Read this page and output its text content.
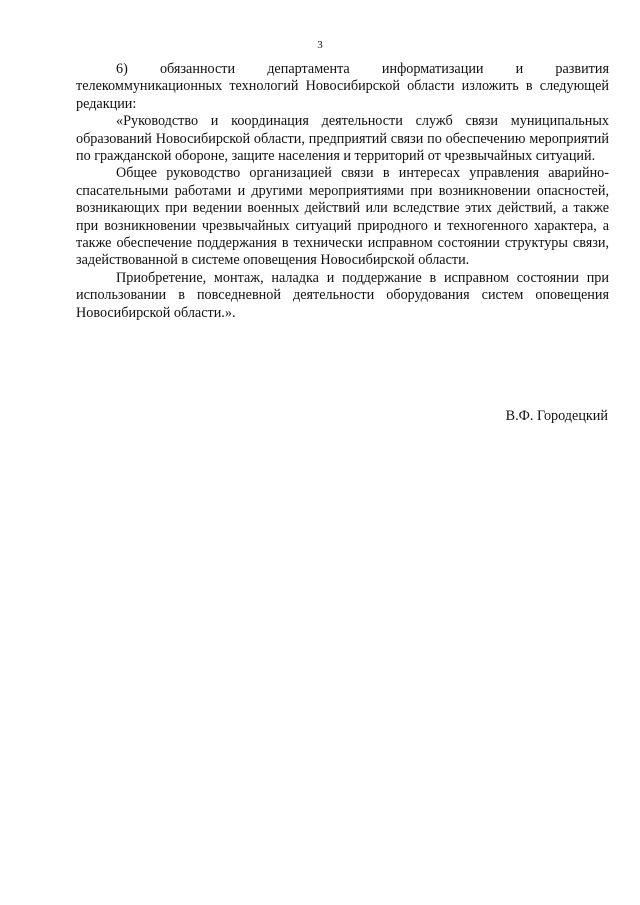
3

6) обязанности департамента информатизации и развития телекоммуникационных технологий Новосибирской области изложить в следующей редакции:

«Руководство и координация деятельности служб связи муниципальных образований Новосибирской области, предприятий связи по обеспечению мероприятий по гражданской обороне, защите населения и территорий от чрезвычайных ситуаций.

Общее руководство организацией связи в интересах управления аварийно-спасательными работами и другими мероприятиями при возникновении опасностей, возникающих при ведении военных действий или вследствие этих действий, а также при возникновении чрезвычайных ситуаций природного и техногенного характера, а также обеспечение поддержания в технически исправном состоянии структуры связи, задействованной в системе оповещения Новосибирской области.

Приобретение, монтаж, наладка и поддержание в исправном состоянии при использовании в повседневной деятельности оборудования систем оповещения Новосибирской области.».

В.Ф. Городецкий
